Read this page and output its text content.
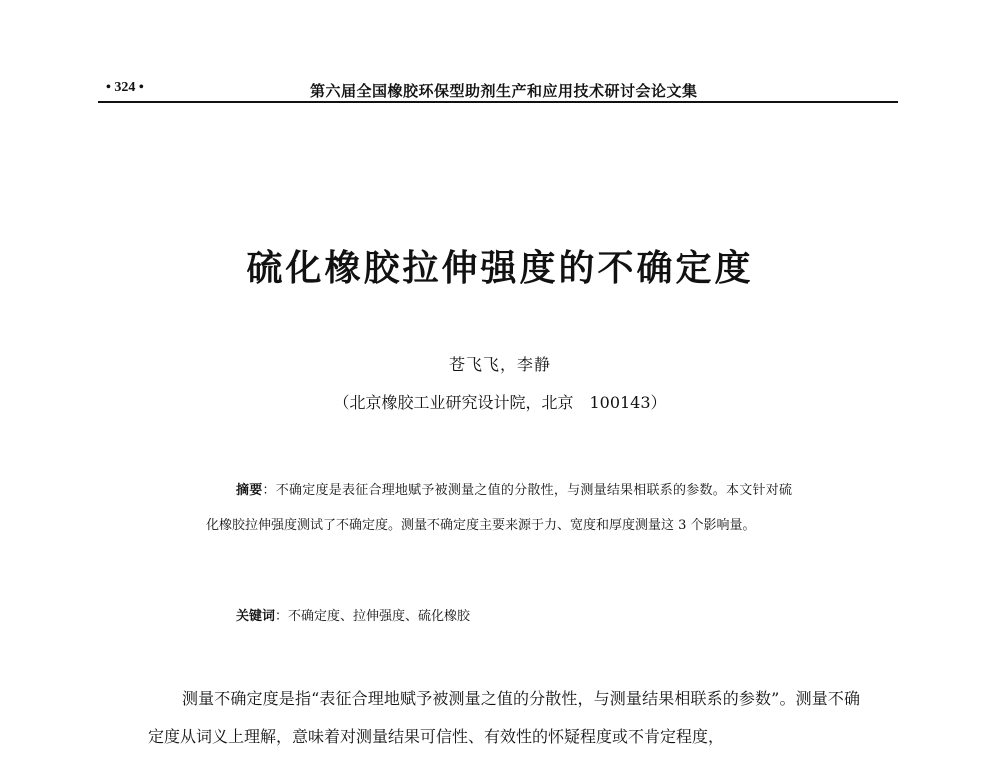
• 324 •	第六届全国橡胶环保型助剂生产和应用技术研讨会论文集
硫化橡胶拉伸强度的不确定度
苍飞飞，李静
（北京橡胶工业研究设计院，北京　100143）
摘要：不确定度是表征合理地赋予被测量之值的分散性，与测量结果相联系的参数。本文针对硫化橡胶拉伸强度测试了不确定度。测量不确定度主要来源于力、宽度和厚度测量这 3 个影响量。
关键词：不确定度、拉伸强度、硫化橡胶
测量不确定度是指“表征合理地赋予被测量之值的分散性，与测量结果相联系的参数”。测量不确定度从词义上理解，意味着对测量结果可信性、有效性的怀疑程度或不肯定程度，
